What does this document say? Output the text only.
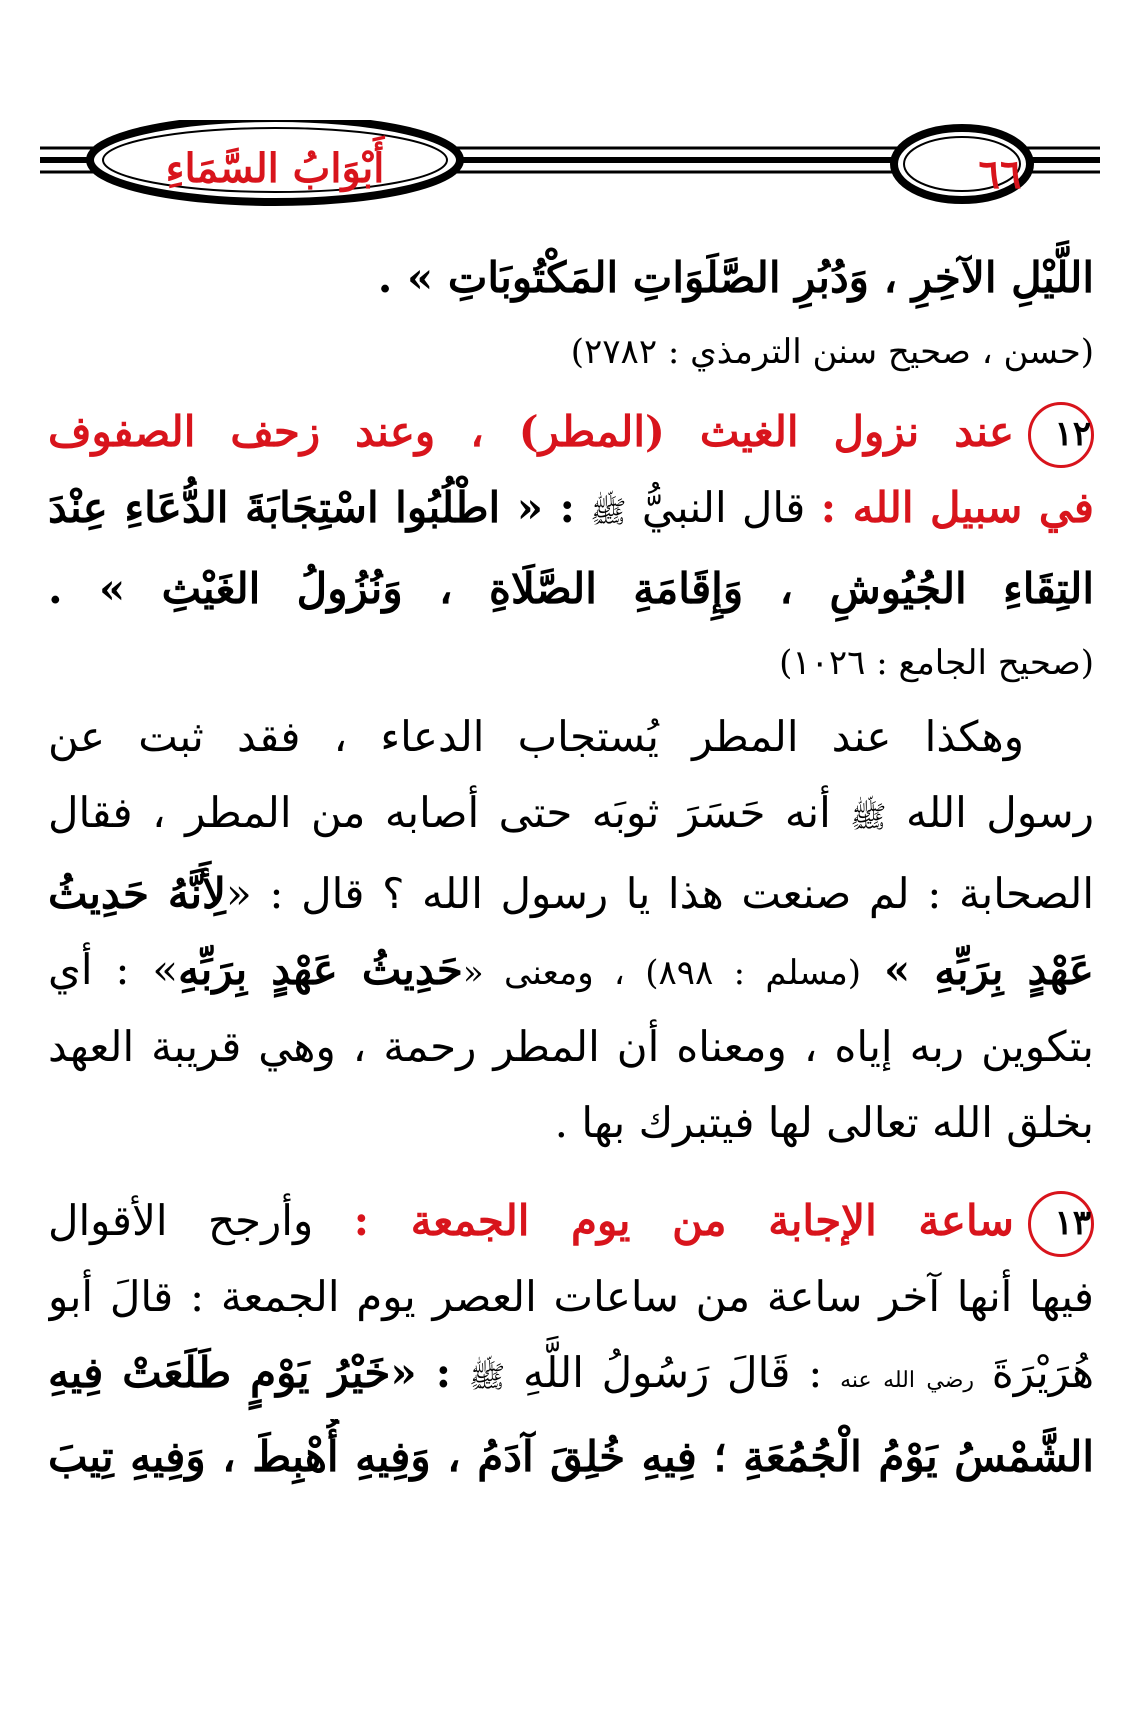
أَبْوَابُ السَّمَاءِ	٦٦
اللَّيْلِ الآخِرِ ، وَدُبُرِ الصَّلَوَاتِ المَكْتُوبَاتِ » .
(حسن ، صحيح سنن الترمذي : ٢٧٨٢)
١٢عند نزول الغيث (المطر) ، وعند زحف الصفوف
في سبيل الله : قال النبيُّ ﷺ : « اطْلُبُوا اسْتِجَابَةَ الدُّعَاءِ عِنْدَ
التِقَاءِ الجُيُوشِ ، وَإِقَامَةِ الصَّلَاةِ ، وَنُزُولُ الغَيْثِ » .
(صحيح الجامع : ١٠٢٦)
وهكذا عند المطر يُستجاب الدعاء ، فقد ثبت عن
رسول الله ﷺ أنه حَسَرَ ثوبَه حتى أصابه من المطر ، فقال
الصحابة : لم صنعت هذا يا رسول الله ؟ قال : «لِأَنَّهُ حَدِيثُ
عَهْدٍ بِرَبِّهِ » (مسلم : ٨٩٨) ، ومعنى «حَدِيثُ عَهْدٍ بِرَبِّهِ» : أي
بتكوين ربه إياه ، ومعناه أن المطر رحمة ، وهي قريبة العهد
بخلق الله تعالى لها فيتبرك بها .
١٣ساعة الإجابة من يوم الجمعة : وأرجح الأقوال
فيها أنها آخر ساعة من ساعات العصر يوم الجمعة : قالَ أبو
هُرَيْرَةَ رضي الله عنه : قَالَ رَسُولُ اللَّهِ ﷺ : «خَيْرُ يَوْمٍ طَلَعَتْ فِيهِ
الشَّمْسُ يَوْمُ الْجُمُعَةِ ؛ فِيهِ خُلِقَ آدَمُ ، وَفِيهِ أُهْبِطَ ، وَفِيهِ تِيبَ
